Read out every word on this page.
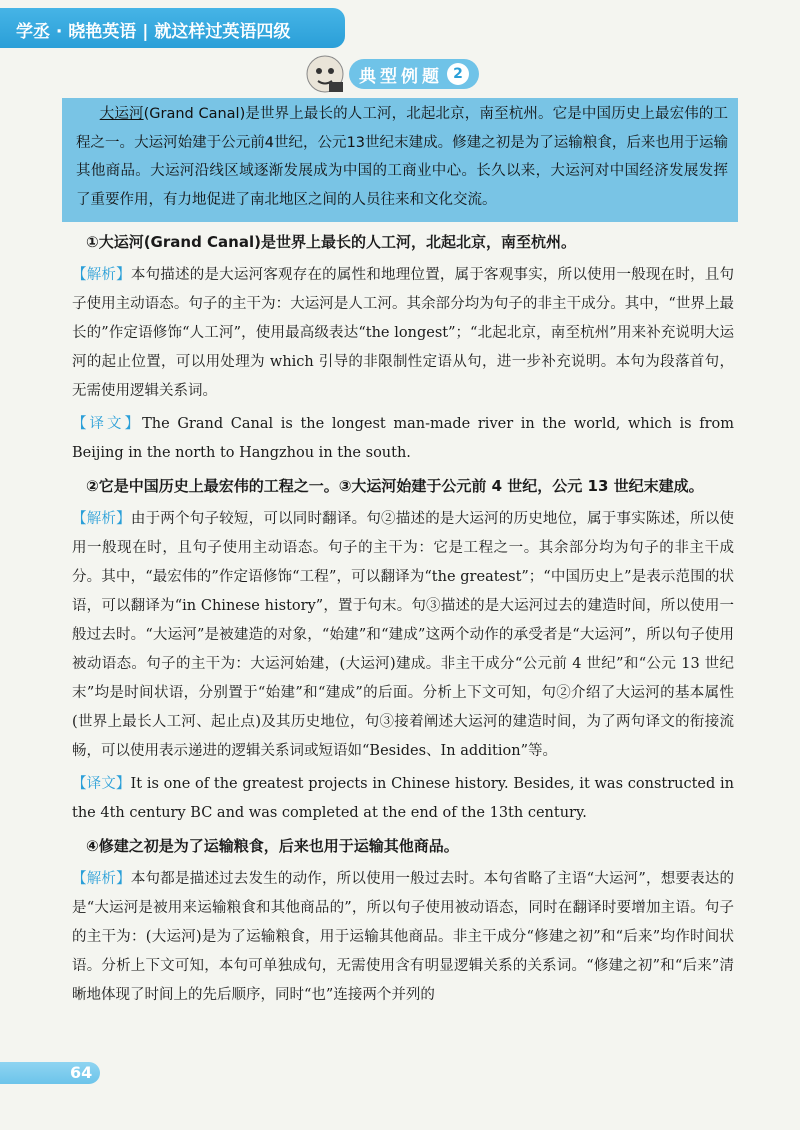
学丞 · 晓艳英语 | 就这样过英语四级
典型例题 2
大运河(Grand Canal)是世界上最长的人工河，北起北京，南至杭州。它是中国历史上最宏伟的工程之一。大运河始建于公元前4世纪，公元13世纪末建成。修建之初是为了运输粮食，后来也用于运输其他商品。大运河沿线区域逐渐发展成为中国的工商业中心。长久以来，大运河对中国经济发展发挥了重要作用，有力地促进了南北地区之间的人员往来和文化交流。

①大运河(Grand Canal)是世界上最长的人工河，北起北京，南至杭州。

【解析】本句描述的是大运河客观存在的属性和地理位置，属于客观事实，所以使用一般现在时，且句子使用主动语态。句子的主干为：大运河是人工河。其余部分均为句子的非主干成分。其中，“世界上最长的”作定语修饰“人工河”，使用最高级表达“the longest”；“北起北京，南至杭州”用来补充说明大运河的起止位置，可以用处理为 which 引导的非限制性定语从句，进一步补充说明。本句为段落首句，无需使用逻辑关系词。

【译文】The Grand Canal is the longest man-made river in the world, which is from Beijing in the north to Hangzhou in the south.

②它是中国历史上最宏伟的工程之一。③大运河始建于公元前 4 世纪，公元 13 世纪末建成。

【解析】由于两个句子较短，可以同时翻译。句②描述的是大运河的历史地位，属于事实陈述，所以使用一般现在时，且句子使用主动语态。句子的主干为：它是工程之一。其余部分均为句子的非主干成分。其中，“最宏伟的”作定语修饰“工程”，可以翻译为“the greatest”；“中国历史上”是表示范围的状语，可以翻译为“in Chinese history”，置于句末。句③描述的是大运河过去的建造时间，所以使用一般过去时。“大运河”是被建造的对象，“始建”和“建成”这两个动作的承受者是“大运河”，所以句子使用被动语态。句子的主干为：大运河始建，(大运河)建成。非主干成分“公元前 4 世纪”和“公元 13 世纪末”均是时间状语，分别置于“始建”和“建成”的后面。分析上下文可知，句②介绍了大运河的基本属性(世界上最长人工河、起止点)及其历史地位，句③接着阐述大运河的建造时间，为了两句译文的衔接流畅，可以使用表示递进的逻辑关系词或短语如“Besides、In addition”等。

【译文】It is one of the greatest projects in Chinese history. Besides, it was constructed in the 4th century BC and was completed at the end of the 13th century.

④修建之初是为了运输粮食，后来也用于运输其他商品。

【解析】本句都是描述过去发生的动作，所以使用一般过去时。本句省略了主语“大运河”，想要表达的是“大运河是被用来运输粮食和其他商品的”，所以句子使用被动语态，同时在翻译时要增加主语。句子的主干为：(大运河)是为了运输粮食，用于运输其他商品。非主干成分“修建之初”和“后来”均作时间状语。分析上下文可知，本句可单独成句，无需使用含有明显逻辑关系的关系词。“修建之初”和“后来”清晰地体现了时间上的先后顺序，同时“也”连接两个并列的

64
